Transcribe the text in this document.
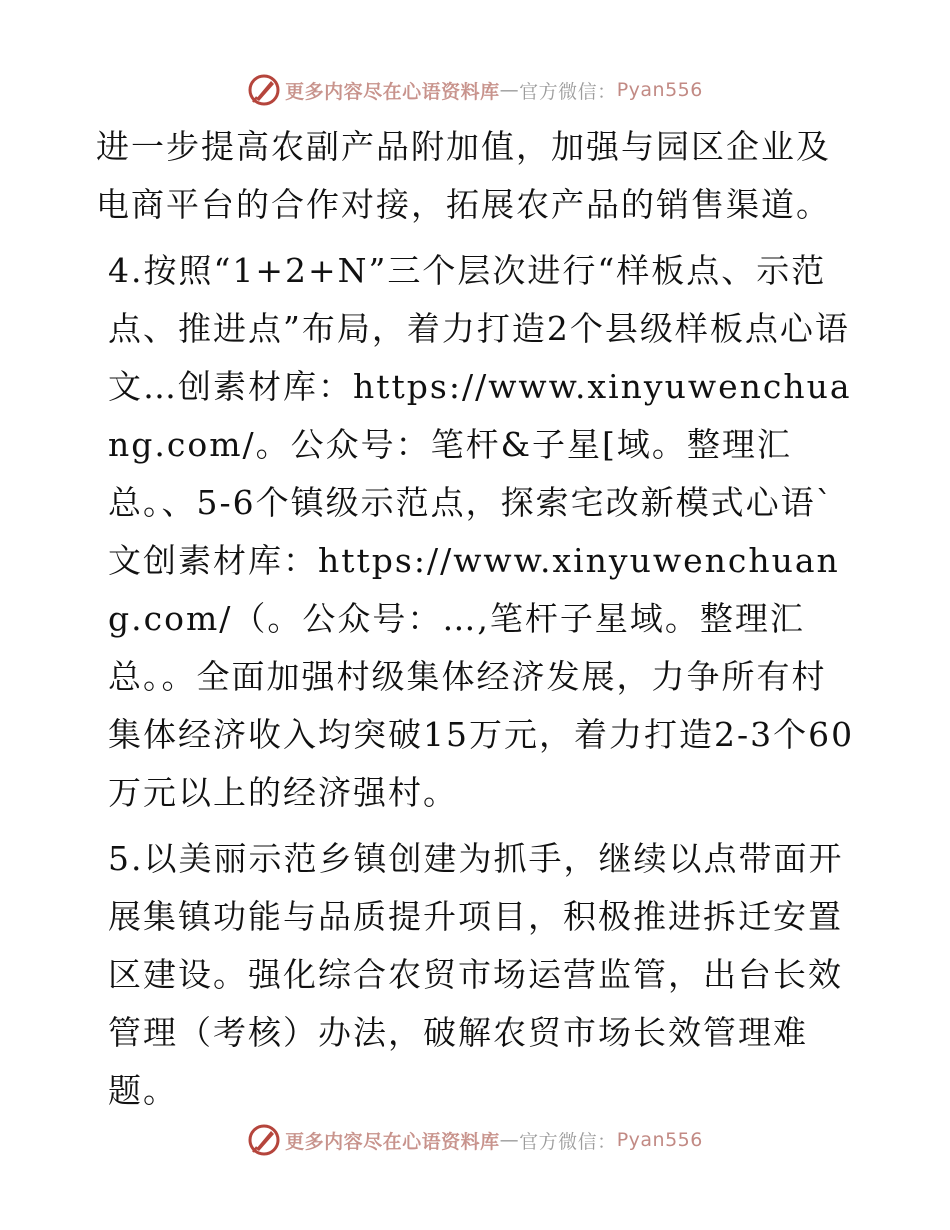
更多内容尽在心语资料库 — 官方微信： Pyan556

进一步提高农副产品附加值，加强与园区企业及电商平台的合作对接，拓展农产品的销售渠道。

4.按照“1+2+N”三个层次进行“样板点、示范点、推进点”布局，着力打造2个县级样板点心语文…创素材库：https://www.xinyuwenchuang.com/。公众号：笔杆&子星[域。整理汇总。、5-6个镇级示范点，探索宅改新模式心语`文创素材库：https://www.xinyuwenchuang.com/（。公众号：…,笔杆子星域。整理汇总。。全面加强村级集体经济发展，力争所有村集体经济收入均突破15万元，着力打造2-3个60万元以上的经济强村。

5.以美丽示范乡镇创建为抓手，继续以点带面开展集镇功能与品质提升项目，积极推进拆迁安置区建设。强化综合农贸市场运营监管，出台长效管理（考核）办法，破解农贸市场长效管理难题。

更多内容尽在心语资料库 — 官方微信： Pyan556
